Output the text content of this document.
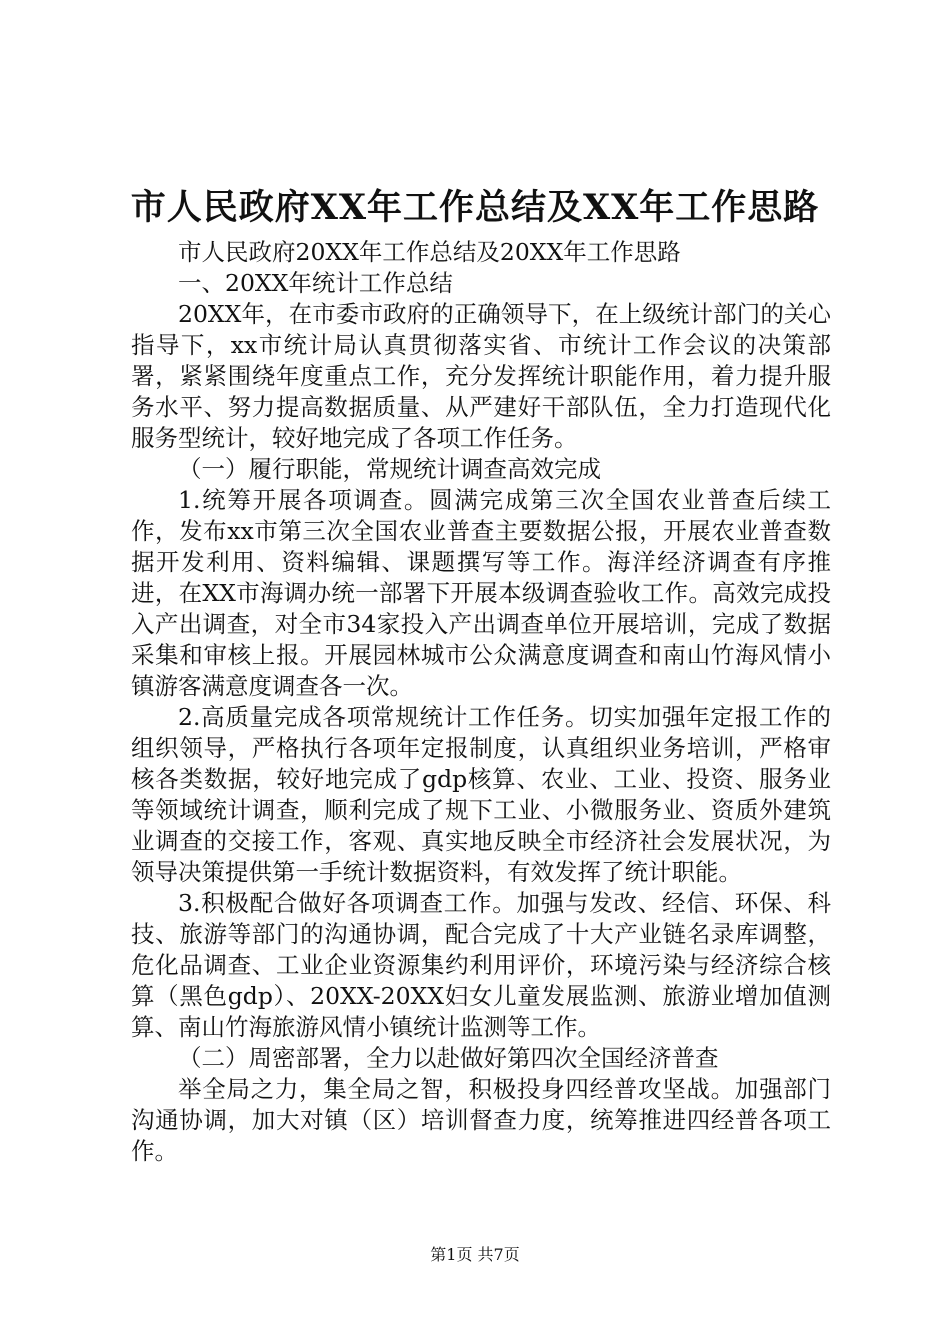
市人民政府XX年工作总结及XX年工作思路

市人民政府20XX年工作总结及20XX年工作思路

一、20XX年统计工作总结

20XX年，在市委市政府的正确领导下，在上级统计部门的关心指导下，xx市统计局认真贯彻落实省、市统计工作会议的决策部署，紧紧围绕年度重点工作，充分发挥统计职能作用，着力提升服务水平、努力提高数据质量、从严建好干部队伍，全力打造现代化服务型统计，较好地完成了各项工作任务。

（一）履行职能，常规统计调查高效完成

1.统筹开展各项调查。圆满完成第三次全国农业普查后续工作，发布xx市第三次全国农业普查主要数据公报，开展农业普查数据开发利用、资料编辑、课题撰写等工作。海洋经济调查有序推进，在XX市海调办统一部署下开展本级调查验收工作。高效完成投入产出调查，对全市34家投入产出调查单位开展培训，完成了数据采集和审核上报。开展园林城市公众满意度调查和南山竹海风情小镇游客满意度调查各一次。

2.高质量完成各项常规统计工作任务。切实加强年定报工作的组织领导，严格执行各项年定报制度，认真组织业务培训，严格审核各类数据，较好地完成了gdp核算、农业、工业、投资、服务业等领域统计调查，顺利完成了规下工业、小微服务业、资质外建筑业调查的交接工作，客观、真实地反映全市经济社会发展状况，为领导决策提供第一手统计数据资料，有效发挥了统计职能。

3.积极配合做好各项调查工作。加强与发改、经信、环保、科技、旅游等部门的沟通协调，配合完成了十大产业链名录库调整，危化品调查、工业企业资源集约利用评价，环境污染与经济综合核算（黑色gdp）、20XX-20XX妇女儿童发展监测、旅游业增加值测算、南山竹海旅游风情小镇统计监测等工作。

（二）周密部署，全力以赴做好第四次全国经济普查

举全局之力，集全局之智，积极投身四经普攻坚战。加强部门沟通协调，加大对镇（区）培训督查力度，统筹推进四经普各项工作。

第1页 共7页
